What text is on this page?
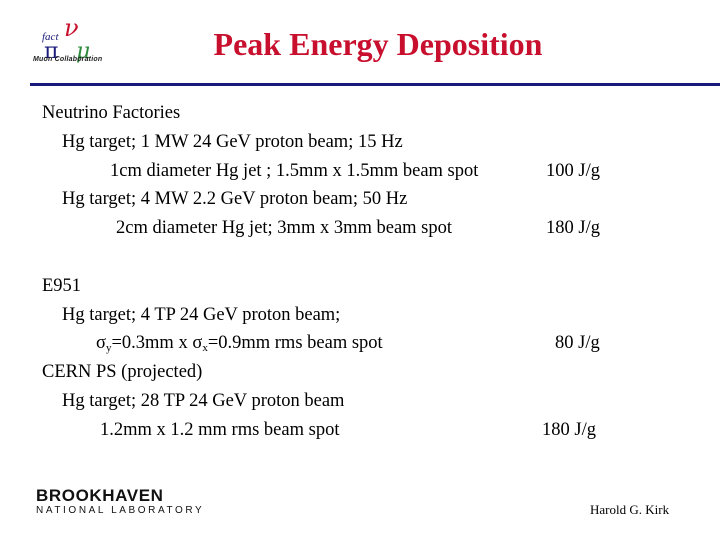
fact
π
ν
μ
Muon Collaboration	Peak Energy Deposition
Neutrino Factories
Hg target; 1 MW 24 GeV proton beam; 15 Hz
1cm diameter Hg jet ; 1.5mm x 1.5mm beam spot	100 J/g
Hg target; 4 MW 2.2 GeV proton beam; 50 Hz
2cm diameter Hg jet; 3mm x 3mm beam spot	180 J/g
E951
Hg target; 4 TP 24 GeV proton beam;
$\sigma_y=0.3mm$ x $\sigma_x=0.9mm$ rms beam spot	80 J/g
CERN PS (projected)
Hg target; 28 TP 24 GeV proton beam
1.2mm x 1.2 mm rms beam spot	180 J/g
BROOKHAVEN
NATIONAL LABORATORY	Harold G. Kirk
